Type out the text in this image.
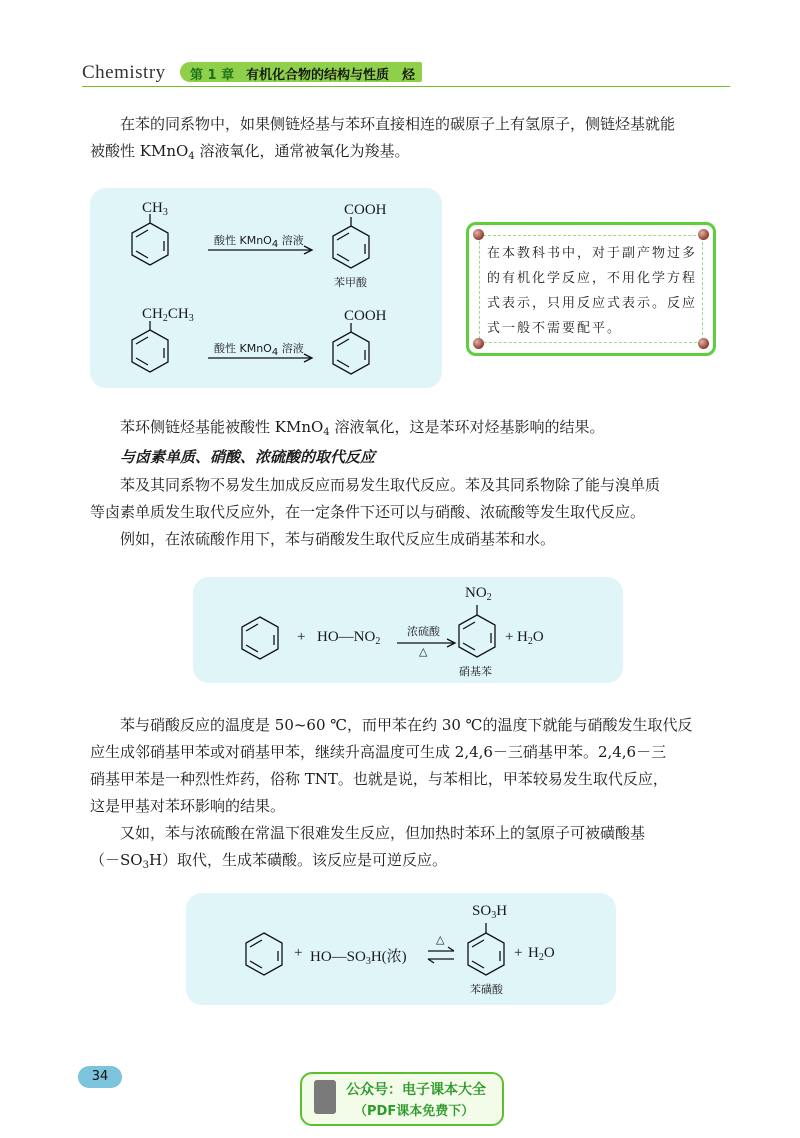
Chemistry 第 1 章 有机化合物的结构与性质　烃
在苯的同系物中，如果侧链烃基与苯环直接相连的碳原子上有氢原子，侧链烃基就能
被酸性 KMnO$_4$ 溶液氧化，通常被氧化为羧基。
$CH_3$
酸性 KMnO4 溶液
COOH
苯甲酸
$CH_2CH_3$
酸性 KMnO4 溶液
COOH
在本教科书中，对于副产物过多的有机化学反应，不用化学方程式表示，只用反应式表示。反应式一般不需要配平。
苯环侧链烃基能被酸性 KMnO$_4$ 溶液氧化，这是苯环对烃基影响的结果。
与卤素单质、硝酸、浓硫酸的取代反应
苯及其同系物不易发生加成反应而易发生取代反应。苯及其同系物除了能与溴单质
等卤素单质发生取代反应外，在一定条件下还可以与硝酸、浓硫酸等发生取代反应。
例如，在浓硫酸作用下，苯与硝酸发生取代反应生成硝基苯和水。
+ $HO—NO_2$
浓硫酸
△
$NO_2$
+ $H_2O$
硝基苯
苯与硝酸反应的温度是 50~60 ℃，而甲苯在约 30 ℃的温度下就能与硝酸发生取代反
应生成邻硝基甲苯或对硝基甲苯，继续升高温度可生成 2,4,6－三硝基甲苯。2,4,6－三
硝基甲苯是一种烈性炸药，俗称 TNT。也就是说，与苯相比，甲苯较易发生取代反应，
这是甲基对苯环影响的结果。
又如，苯与浓硫酸在常温下很难发生反应，但加热时苯环上的氢原子可被磺酸基
$(-SO_3H)$取代，生成苯磺酸。该反应是可逆反应。
+ $HO—SO_3H$(浓)
△
$SO_3H$
+ $H_2O$
苯磺酸
34
公众号：电子课本大全
（PDF课本免费下）
